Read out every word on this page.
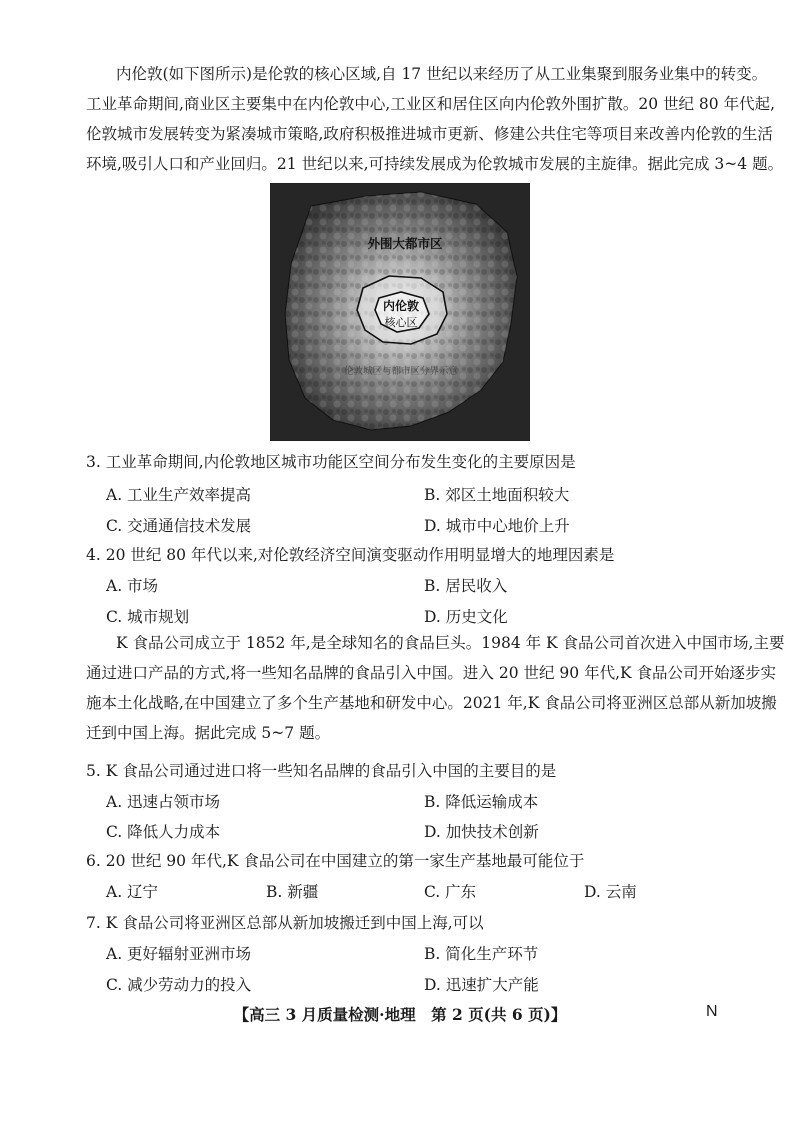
内伦敦(如下图所示)是伦敦的核心区域,自 17 世纪以来经历了从工业集聚到服务业集中的转变。
工业革命期间,商业区主要集中在内伦敦中心,工业区和居住区向内伦敦外围扩散。20 世纪 80 年代起,
伦敦城市发展转变为紧凑城市策略,政府积极推进城市更新、修建公共住宅等项目来改善内伦敦的生活
环境,吸引人口和产业回归。21 世纪以来,可持续发展成为伦敦城市发展的主旋律。据此完成 3~4 题。
外围大都市区
内伦敦
核心区
伦敦城区与都市区分界示意
3. 工业革命期间,内伦敦地区城市功能区空间分布发生变化的主要原因是
A. 工业生产效率提高	B. 郊区土地面积较大
C. 交通通信技术发展	D. 城市中心地价上升
4. 20 世纪 80 年代以来,对伦敦经济空间演变驱动作用明显增大的地理因素是
A. 市场	B. 居民收入
C. 城市规划	D. 历史文化
K 食品公司成立于 1852 年,是全球知名的食品巨头。1984 年 K 食品公司首次进入中国市场,主要
通过进口产品的方式,将一些知名品牌的食品引入中国。进入 20 世纪 90 年代,K 食品公司开始逐步实
施本土化战略,在中国建立了多个生产基地和研发中心。2021 年,K 食品公司将亚洲区总部从新加坡搬
迁到中国上海。据此完成 5~7 题。
5. K 食品公司通过进口将一些知名品牌的食品引入中国的主要目的是
A. 迅速占领市场	B. 降低运输成本
C. 降低人力成本	D. 加快技术创新
6. 20 世纪 90 年代,K 食品公司在中国建立的第一家生产基地最可能位于
A. 辽宁	B. 新疆	C. 广东	D. 云南
7. K 食品公司将亚洲区总部从新加坡搬迁到中国上海,可以
A. 更好辐射亚洲市场	B. 简化生产环节
C. 减少劳动力的投入	D. 迅速扩大产能
【高三 3 月质量检测·地理　第 2 页(共 6 页)】	N
